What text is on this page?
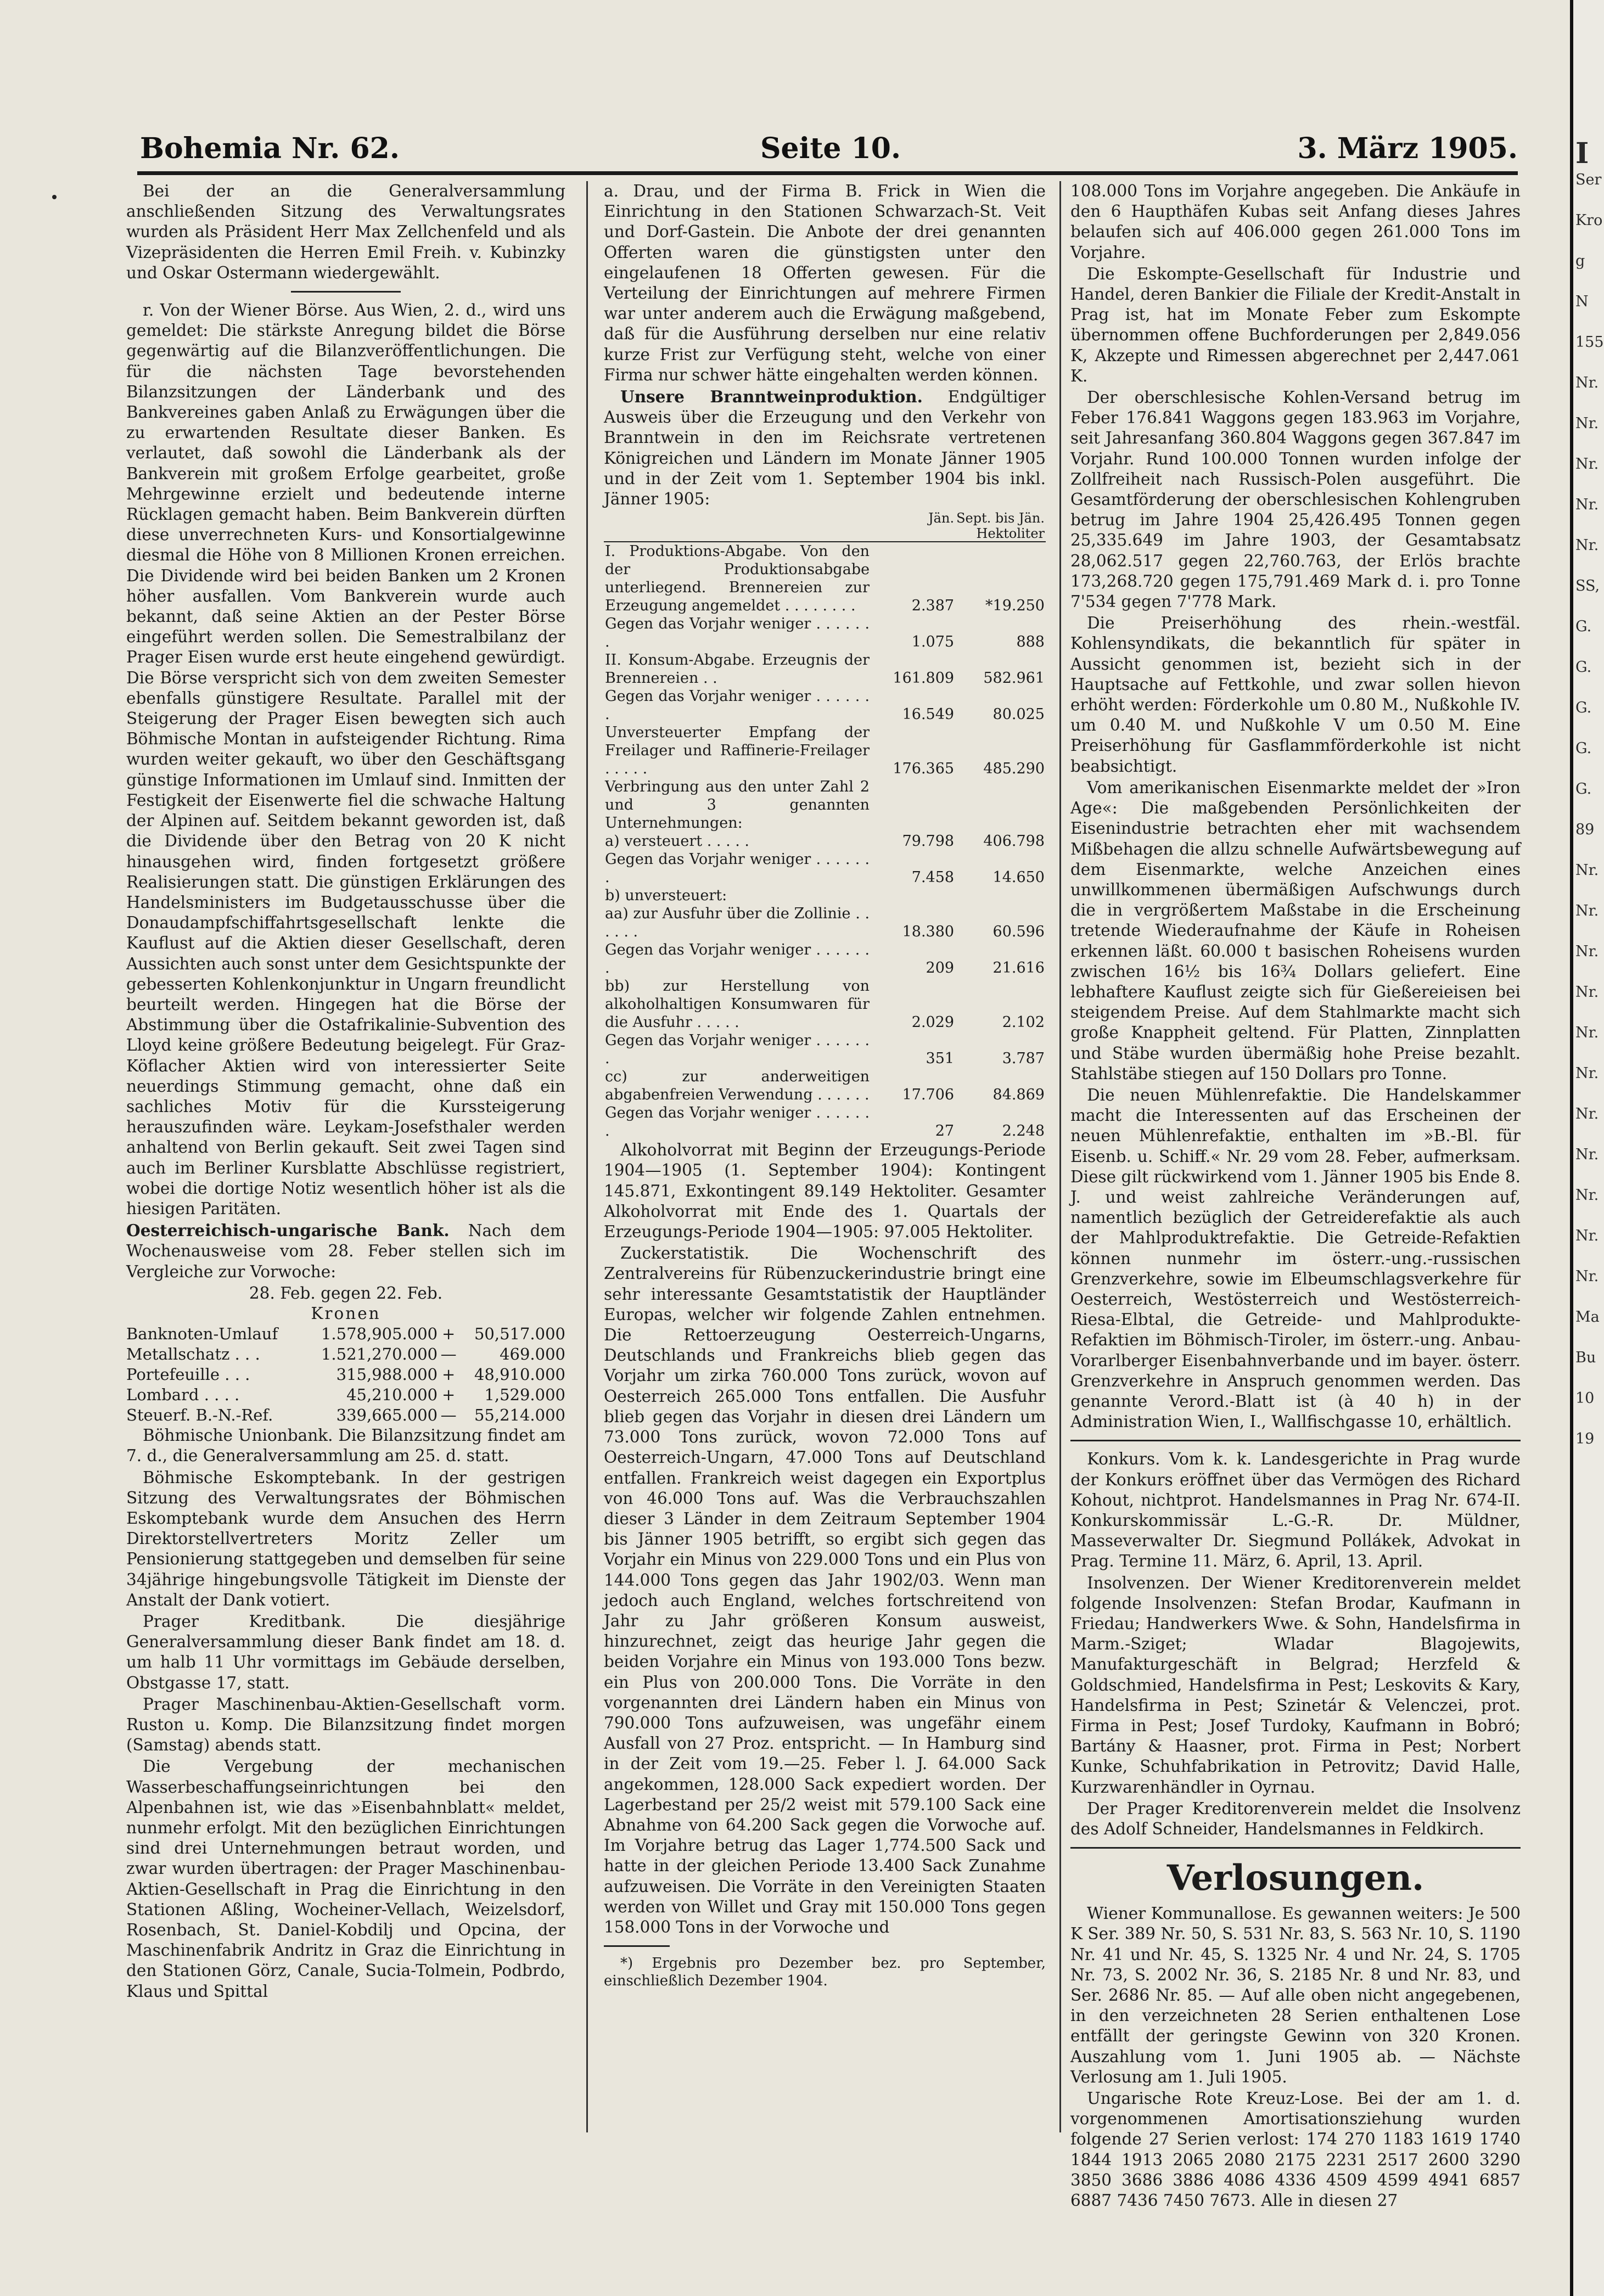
Bohemia Nr. 62.	Seite 10.	3. März 1905.

Bei der an die Generalversammlung anschließenden Sitzung des Verwaltungsrates wurden als Präsident Herr Max Zellchenfeld und als Vizepräsidenten die Herren Emil Freih. v. Kubinzky und Oskar Ostermann wiedergewählt.

r. Von der Wiener Börse. Aus Wien, 2. d., wird uns gemeldet: Die stärkste Anregung bildet die Börse gegenwärtig auf die Bilanzveröffentlichungen. Die für die nächsten Tage bevorstehenden Bilanzsitzungen der Länderbank und des Bankvereines gaben Anlaß zu Erwägungen über die zu erwartenden Resultate dieser Banken. Es verlautet, daß sowohl die Länderbank als der Bankverein mit großem Erfolge gearbeitet, große Mehrgewinne erzielt und bedeutende interne Rücklagen gemacht haben. Beim Bankverein dürften diese unverrechneten Kurs- und Konsortialgewinne diesmal die Höhe von 8 Millionen Kronen erreichen. Die Dividende wird bei beiden Banken um 2 Kronen höher ausfallen. Vom Bankverein wurde auch bekannt, daß seine Aktien an der Pester Börse eingeführt werden sollen. Die Semestralbilanz der Prager Eisen wurde erst heute eingehend gewürdigt. Die Börse verspricht sich von dem zweiten Semester ebenfalls günstigere Resultate. Parallel mit der Steigerung der Prager Eisen bewegten sich auch Böhmische Montan in aufsteigender Richtung. Rima wurden weiter gekauft, wo über den Geschäftsgang günstige Informationen im Umlauf sind. Inmitten der Festigkeit der Eisenwerte fiel die schwache Haltung der Alpinen auf. Seitdem bekannt geworden ist, daß die Dividende über den Betrag von 20 K nicht hinausgehen wird, finden fortgesetzt größere Realisierungen statt. Die günstigen Erklärungen des Handelsministers im Budgetausschusse über die Donaudampfschiffahrtsgesellschaft lenkte die Kauflust auf die Aktien dieser Gesellschaft, deren Aussichten auch sonst unter dem Gesichtspunkte der gebesserten Kohlenkonjunktur in Ungarn freundlicht beurteilt werden. Hingegen hat die Börse der Abstimmung über die Ostafrikalinie-Subvention des Lloyd keine größere Bedeutung beigelegt. Für Graz-Köflacher Aktien wird von interessierter Seite neuerdings Stimmung gemacht, ohne daß ein sachliches Motiv für die Kurssteigerung herauszufinden wäre. Leykam-Josefsthaler werden anhaltend von Berlin gekauft. Seit zwei Tagen sind auch im Berliner Kursblatte Abschlüsse registriert, wobei die dortige Notiz wesentlich höher ist als die hiesigen Paritäten.

Oesterreichisch-ungarische Bank. Nach dem Wochenausweise vom 28. Feber stellen sich im Vergleiche zur Vorwoche:

28. Feb. gegen 22. Feb.
Kronen
Banknoten-Umlauf	1.578,905.000	+	50,517.000
Metallschatz . . .	1.521,270.000	—	469.000
Portefeuille . . .	315,988.000	+	48,910.000
Lombard . . . .	45,210.000	+	1,529.000
Steuerf. B.-N.-Ref.	339,665.000	—	55,214.000

Böhmische Unionbank. Die Bilanzsitzung findet am 7. d., die Generalversammlung am 25. d. statt.

Böhmische Eskomptebank. In der gestrigen Sitzung des Verwaltungsrates der Böhmischen Eskomptebank wurde dem Ansuchen des Herrn Direktorstellvertreters Moritz Zeller um Pensionierung stattgegeben und demselben für seine 34jährige hingebungsvolle Tätigkeit im Dienste der Anstalt der Dank votiert.

Prager Kreditbank. Die diesjährige Generalversammlung dieser Bank findet am 18. d. um halb 11 Uhr vormittags im Gebäude derselben, Obstgasse 17, statt.

Prager Maschinenbau-Aktien-Gesellschaft vorm. Ruston u. Komp. Die Bilanzsitzung findet morgen (Samstag) abends statt.

Die Vergebung der mechanischen Wasserbeschaffungseinrichtungen bei den Alpenbahnen ist, wie das »Eisenbahnblatt« meldet, nunmehr erfolgt. Mit den bezüglichen Einrichtungen sind drei Unternehmungen betraut worden, und zwar wurden übertragen: der Prager Maschinenbau-Aktien-Gesellschaft in Prag die Einrichtung in den Stationen Aßling, Wocheiner-Vellach, Weizelsdorf, Rosenbach, St. Daniel-Kobdilj und Opcina, der Maschinenfabrik Andritz in Graz die Einrichtung in den Stationen Görz, Canale, Sucia-Tolmein, Podbrdo, Klaus und Spittal

a. Drau, und der Firma B. Frick in Wien die Einrichtung in den Stationen Schwarzach-St. Veit und Dorf-Gastein. Die Anbote der drei genannten Offerten waren die günstigsten unter den eingelaufenen 18 Offerten gewesen. Für die Verteilung der Einrichtungen auf mehrere Firmen war unter anderem auch die Erwägung maßgebend, daß für die Ausführung derselben nur eine relativ kurze Frist zur Verfügung steht, welche von einer Firma nur schwer hätte eingehalten werden können.

Unsere Branntweinproduktion. Endgültiger Ausweis über die Erzeugung und den Verkehr von Branntwein in den im Reichsrate vertretenen Königreichen und Ländern im Monate Jänner 1905 und in der Zeit vom 1. September 1904 bis inkl. Jänner 1905:

	Jän.	Sept. bis Jän.
		Hektoliter
I. Produktions-Abgabe. Von den der Produktionsabgabe unterliegend. Brennereien zur Erzeugung angemeldet . . . . . . . .	2.387	*19.250
Gegen das Vorjahr weniger . . . . . . .	1.075	888
II. Konsum-Abgabe. Erzeugnis der Brennereien . .	161.809	582.961
Gegen das Vorjahr weniger . . . . . . .	16.549	80.025
Unversteuerter Empfang der Freilager und Raffinerie-Freilager . . . . .	176.365	485.290
Verbringung aus den unter Zahl 2 und 3 genannten Unternehmungen:		
a) versteuert . . . . .	79.798	406.798
Gegen das Vorjahr weniger . . . . . . .	7.458	14.650
b) unversteuert:		
aa) zur Ausfuhr über die Zollinie . . . . . .	18.380	60.596
Gegen das Vorjahr weniger . . . . . . .	209	21.616
bb) zur Herstellung von alkoholhaltigen Konsumwaren für die Ausfuhr . . . . .	2.029	2.102
Gegen das Vorjahr weniger . . . . . . .	351	3.787
cc) zur anderweitigen abgabenfreien Verwendung . . . . . .	17.706	84.869
Gegen das Vorjahr weniger . . . . . . .	27	2.248

Alkoholvorrat mit Beginn der Erzeugungs-Periode 1904—1905 (1. September 1904): Kontingent 145.871, Exkontingent 89.149 Hektoliter. Gesamter Alkoholvorrat mit Ende des 1. Quartals der Erzeugungs-Periode 1904—1905: 97.005 Hektoliter.

Zuckerstatistik. Die Wochenschrift des Zentralvereins für Rübenzuckerindustrie bringt eine sehr interessante Gesamtstatistik der Hauptländer Europas, welcher wir folgende Zahlen entnehmen. Die Rettoerzeugung Oesterreich-Ungarns, Deutschlands und Frankreichs blieb gegen das Vorjahr um zirka 760.000 Tons zurück, wovon auf Oesterreich 265.000 Tons entfallen. Die Ausfuhr blieb gegen das Vorjahr in diesen drei Ländern um 73.000 Tons zurück, wovon 72.000 Tons auf Oesterreich-Ungarn, 47.000 Tons auf Deutschland entfallen. Frankreich weist dagegen ein Exportplus von 46.000 Tons auf. Was die Verbrauchszahlen dieser 3 Länder in dem Zeitraum September 1904 bis Jänner 1905 betrifft, so ergibt sich gegen das Vorjahr ein Minus von 229.000 Tons und ein Plus von 144.000 Tons gegen das Jahr 1902/03. Wenn man jedoch auch England, welches fortschreitend von Jahr zu Jahr größeren Konsum ausweist, hinzurechnet, zeigt das heurige Jahr gegen die beiden Vorjahre ein Minus von 193.000 Tons bezw. ein Plus von 200.000 Tons. Die Vorräte in den vorgenannten drei Ländern haben ein Minus von 790.000 Tons aufzuweisen, was ungefähr einem Ausfall von 27 Proz. entspricht. — In Hamburg sind in der Zeit vom 19.—25. Feber l. J. 64.000 Sack angekommen, 128.000 Sack expediert worden. Der Lagerbestand per 25/2 weist mit 579.100 Sack eine Abnahme von 64.200 Sack gegen die Vorwoche auf. Im Vorjahre betrug das Lager 1,774.500 Sack und hatte in der gleichen Periode 13.400 Sack Zunahme aufzuweisen. Die Vorräte in den Vereinigten Staaten werden von Willet und Gray mit 150.000 Tons gegen 158.000 Tons in der Vorwoche und

*) Ergebnis pro Dezember bez. pro September, einschließlich Dezember 1904.

108.000 Tons im Vorjahre angegeben. Die Ankäufe in den 6 Haupthäfen Kubas seit Anfang dieses Jahres belaufen sich auf 406.000 gegen 261.000 Tons im Vorjahre.

Die Eskompte-Gesellschaft für Industrie und Handel, deren Bankier die Filiale der Kredit-Anstalt in Prag ist, hat im Monate Feber zum Eskompte übernommen offene Buchforderungen per 2,849.056 K, Akzepte und Rimessen abgerechnet per 2,447.061 K.

Der oberschlesische Kohlen-Versand betrug im Feber 176.841 Waggons gegen 183.963 im Vorjahre, seit Jahresanfang 360.804 Waggons gegen 367.847 im Vorjahr. Rund 100.000 Tonnen wurden infolge der Zollfreiheit nach Russisch-Polen ausgeführt. Die Gesamtförderung der oberschlesischen Kohlengruben betrug im Jahre 1904 25,426.495 Tonnen gegen 25,335.649 im Jahre 1903, der Gesamtabsatz 28,062.517 gegen 22,760.763, der Erlös brachte 173,268.720 gegen 175,791.469 Mark d. i. pro Tonne 7'534 gegen 7'778 Mark.

Die Preiserhöhung des rhein.-westfäl. Kohlensyndikats, die bekanntlich für später in Aussicht genommen ist, bezieht sich in der Hauptsache auf Fettkohle, und zwar sollen hievon erhöht werden: Förderkohle um 0.80 M., Nußkohle IV. um 0.40 M. und Nußkohle V um 0.50 M. Eine Preiserhöhung für Gasflammförderkohle ist nicht beabsichtigt.

Vom amerikanischen Eisenmarkte meldet der »Iron Age«: Die maßgebenden Persönlichkeiten der Eisenindustrie betrachten eher mit wachsendem Mißbehagen die allzu schnelle Aufwärtsbewegung auf dem Eisenmarkte, welche Anzeichen eines unwillkommenen übermäßigen Aufschwungs durch die in vergrößertem Maßstabe in die Erscheinung tretende Wiederaufnahme der Käufe in Roheisen erkennen läßt. 60.000 t basischen Roheisens wurden zwischen 16½ bis 16¾ Dollars geliefert. Eine lebhaftere Kauflust zeigte sich für Gießereieisen bei steigendem Preise. Auf dem Stahlmarkte macht sich große Knappheit geltend. Für Platten, Zinnplatten und Stäbe wurden übermäßig hohe Preise bezahlt. Stahlstäbe stiegen auf 150 Dollars pro Tonne.

Die neuen Mühlenrefaktie. Die Handelskammer macht die Interessenten auf das Erscheinen der neuen Mühlenrefaktie, enthalten im »B.-Bl. für Eisenb. u. Schiff.« Nr. 29 vom 28. Feber, aufmerksam. Diese gilt rückwirkend vom 1. Jänner 1905 bis Ende 8. J. und weist zahlreiche Veränderungen auf, namentlich bezüglich der Getreiderefaktie als auch der Mahlproduktrefaktie. Die Getreide-Refaktien können nunmehr im österr.-ung.-russischen Grenzverkehre, sowie im Elbeumschlagsverkehre für Oesterreich, Westösterreich und Westösterreich-Riesa-Elbtal, die Getreide- und Mahlprodukte-Refaktien im Böhmisch-Tiroler, im österr.-ung. Anbau-Vorarlberger Eisenbahnverbande und im bayer. österr. Grenzverkehre in Anspruch genommen werden. Das genannte Verord.-Blatt ist (à 40 h) in der Administration Wien, I., Wallfischgasse 10, erhältlich.

Konkurs. Vom k. k. Landesgerichte in Prag wurde der Konkurs eröffnet über das Vermögen des Richard Kohout, nichtprot. Handelsmannes in Prag Nr. 674-II. Konkurskommissär L.-G.-R. Dr. Müldner, Masseverwalter Dr. Siegmund Pollákek, Advokat in Prag. Termine 11. März, 6. April, 13. April.

Insolvenzen. Der Wiener Kreditorenverein meldet folgende Insolvenzen: Stefan Brodar, Kaufmann in Friedau; Handwerkers Wwe. & Sohn, Handelsfirma in Marm.-Sziget; Wladar Blagojewits, Manufakturgeschäft in Belgrad; Herzfeld & Goldschmied, Handelsfirma in Pest; Leskovits & Kary, Handelsfirma in Pest; Szinetár & Velenczei, prot. Firma in Pest; Josef Turdoky, Kaufmann in Bobró; Bartány & Haasner, prot. Firma in Pest; Norbert Kunke, Schuhfabrikation in Petrovitz; David Halle, Kurzwarenhändler in Oyrnau.

Der Prager Kreditorenverein meldet die Insolvenz des Adolf Schneider, Handelsmannes in Feldkirch.

Verlosungen.

Wiener Kommunallose. Es gewannen weiters: Je 500 K Ser. 389 Nr. 50, S. 531 Nr. 83, S. 563 Nr. 10, S. 1190 Nr. 41 und Nr. 45, S. 1325 Nr. 4 und Nr. 24, S. 1705 Nr. 73, S. 2002 Nr. 36, S. 2185 Nr. 8 und Nr. 83, und Ser. 2686 Nr. 85. — Auf alle oben nicht angegebenen, in den verzeichneten 28 Serien enthaltenen Lose entfällt der geringste Gewinn von 320 Kronen. Auszahlung vom 1. Juni 1905 ab. — Nächste Verlosung am 1. Juli 1905.

Ungarische Rote Kreuz-Lose. Bei der am 1. d. vorgenommenen Amortisationsziehung wurden folgende 27 Serien verlost: 174 270 1183 1619 1740 1844 1913 2065 2080 2175 2231 2517 2600 3290 3850 3686 3886 4086 4336 4509 4599 4941 6857 6887 7436 7450 7673. Alle in diesen 27

I
Ser
Kro
g
N
155
Nr.
Nr.
Nr.
Nr.
Nr.
SS,
G.
G.
G.
G.
G.
89
Nr.
Nr.
Nr.
Nr.
Nr.
Nr.
Nr.
Nr.
Nr.
Nr.
Nr.
Ma
Bu
10
19
